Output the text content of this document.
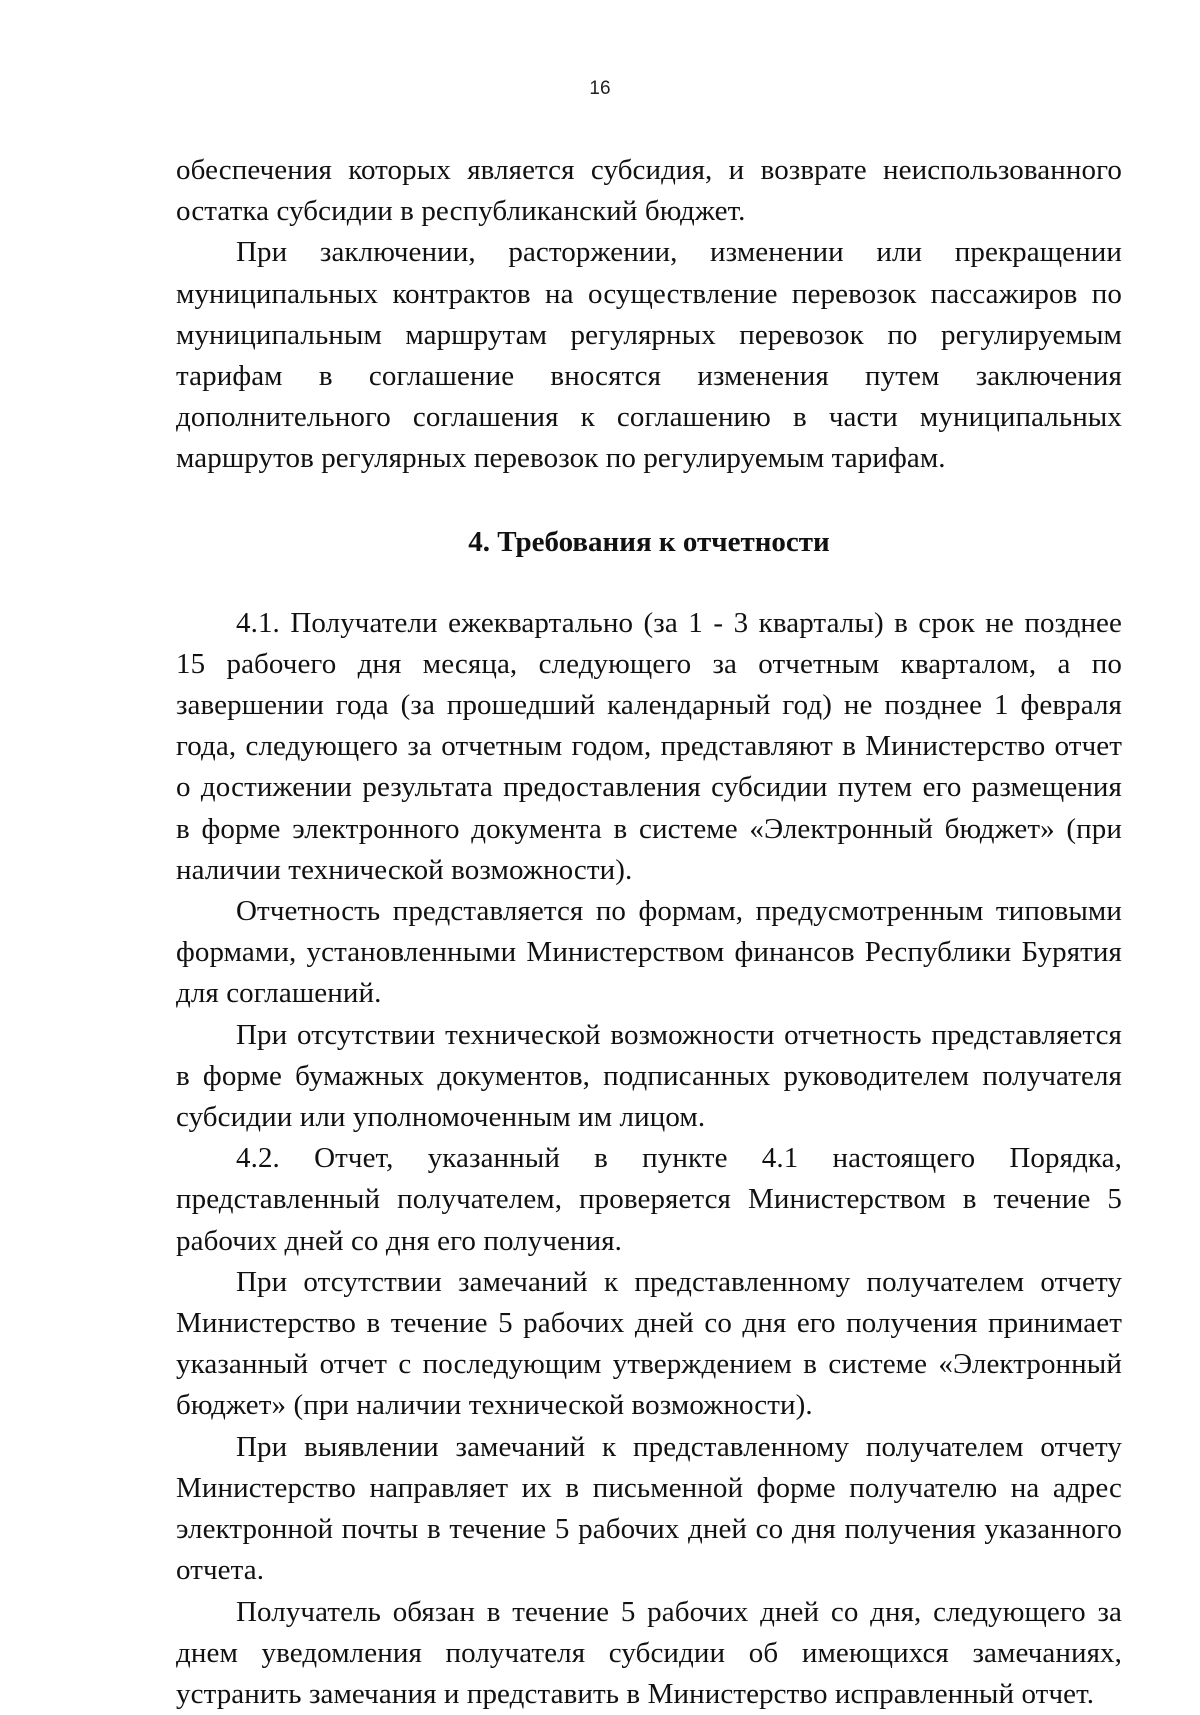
16

обеспечения которых является субсидия, и возврате неиспользованного остатка субсидии в республиканский бюджет.

При заключении, расторжении, изменении или прекращении муниципальных контрактов на осуществление перевозок пассажиров по муниципальным маршрутам регулярных перевозок по регулируемым тарифам в соглашение вносятся изменения путем заключения дополнительного соглашения к соглашению в части муниципальных маршрутов регулярных перевозок по регулируемым тарифам.

4. Требования к отчетности

4.1. Получатели ежеквартально (за 1 - 3 кварталы) в срок не позднее 15 рабочего дня месяца, следующего за отчетным кварталом, а по завершении года (за прошедший календарный год) не позднее 1 февраля года, следующего за отчетным годом, представляют в Министерство отчет о достижении результата предоставления субсидии путем его размещения в форме электронного документа в системе «Электронный бюджет» (при наличии технической возможности).

Отчетность представляется по формам, предусмотренным типовыми формами, установленными Министерством финансов Республики Бурятия для соглашений.

При отсутствии технической возможности отчетность представляется в форме бумажных документов, подписанных руководителем получателя субсидии или уполномоченным им лицом.

4.2. Отчет, указанный в пункте 4.1 настоящего Порядка, представленный получателем, проверяется Министерством в течение 5 рабочих дней со дня его получения.

При отсутствии замечаний к представленному получателем отчету Министерство в течение 5 рабочих дней со дня его получения принимает указанный отчет с последующим утверждением в системе «Электронный бюджет» (при наличии технической возможности).

При выявлении замечаний к представленному получателем отчету Министерство направляет их в письменной форме получателю на адрес электронной почты в течение 5 рабочих дней со дня получения указанного отчета.

Получатель обязан в течение 5 рабочих дней со дня, следующего за днем уведомления получателя субсидии об имеющихся замечаниях, устранить замечания и представить в Министерство исправленный отчет.
